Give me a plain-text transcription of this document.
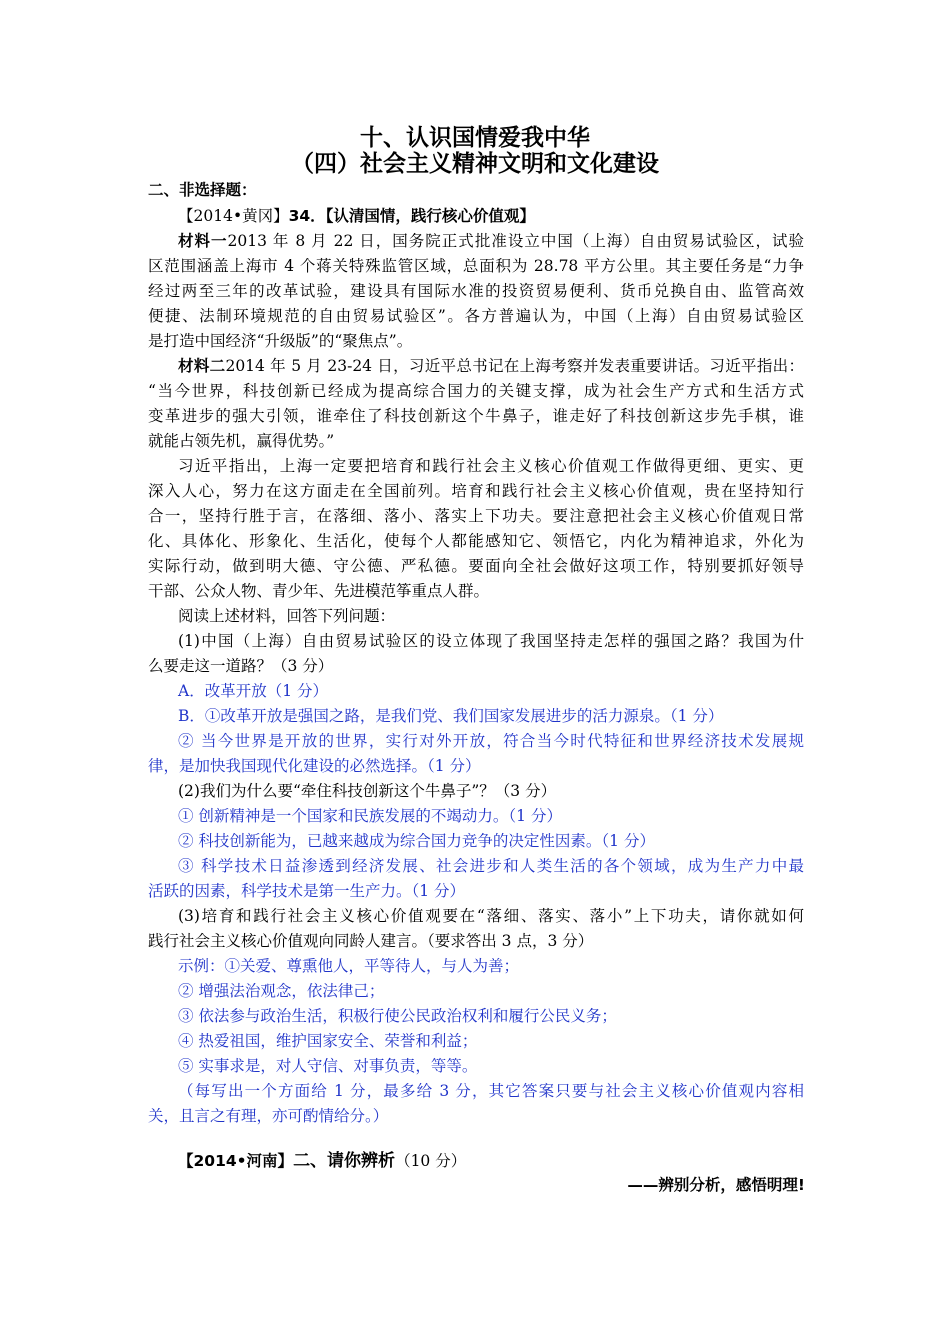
十、认识国情爱我中华
（四）社会主义精神文明和文化建设
二、非选择题：
【2014•黄冈】34．【认清国情，践行核心价值观】
材料一2013 年 8 月 22 日，国务院正式批准设立中国（上海）自由贸易试验区，试验
区范围涵盖上海市 4 个蒋关特殊监管区域，总面积为 28.78 平方公里。其主要任务是“力争
经过两至三年的改革试验，建设具有国际水准的投资贸易便利、货币兑换自由、监管高效
便捷、法制环境规范的自由贸易试验区”。各方普遍认为，中国（上海）自由贸易试验区
是打造中国经济“升级版”的“聚焦点”。
材料二2014 年 5 月 23-24 日，习近平总书记在上海考察并发表重要讲话。习近平指出：
“当今世界，科技创新已经成为提高综合国力的关键支撑，成为社会生产方式和生活方式
变革进步的强大引领，谁牵住了科技创新这个牛鼻子，谁走好了科技创新这步先手棋，谁
就能占领先机，赢得优势。”
习近平指出，上海一定要把培育和践行社会主义核心价值观工作做得更细、更实、更
深入人心，努力在这方面走在全国前列。培育和践行社会主义核心价值观，贵在坚持知行
合一，坚持行胜于言，在落细、落小、落实上下功夫。要注意把社会主义核心价值观日常
化、具体化、形象化、生活化，使每个人都能感知它、领悟它，内化为精神追求，外化为
实际行动，做到明大德、守公德、严私德。要面向全社会做好这项工作，特别要抓好领导
干部、公众人物、青少年、先进模范筝重点人群。
阅读上述材料，回答下列问题：
(1)中国（上海）自由贸易试验区的设立体现了我国坚持走怎样的强国之路？我国为什
么要走这一道路？（3 分）
A．改革开放（1 分）
B．①改革开放是强国之路，是我们党、我们国家发展进步的活力源泉。（1 分）
② 当今世界是开放的世界，实行对外开放，符合当今时代特征和世界经济技术发展规
律，是加快我国现代化建设的必然选择。（1 分）
(2)我们为什么要“牵住科技创新这个牛鼻子”？（3 分）
① 创新精神是一个国家和民族发展的不竭动力。（1 分）
② 科技创新能为，已越来越成为综合国力竞争的决定性因素。（1 分）
③ 科学技术日益渗透到经济发展、社会进步和人类生活的各个领域，成为生产力中最
活跃的因素，科学技术是第一生产力。（1 分）
(3)培育和践行社会主义核心价值观要在“落细、落实、落小”上下功夫，请你就如何
践行社会主义核心价值观向同龄人建言。（要求答出 3 点，3 分）
示例：①关爱、尊熏他人，平等待人，与人为善；
② 增强法治观念，依法律己；
③ 依法参与政治生活，积极行使公民政治权利和履行公民义务；
④ 热爱祖国，维护国家安全、荣誉和利益；
⑤ 实事求是，对人守信、对事负责，等等。
（每写出一个方面给 1 分，最多给 3 分，其它答案只要与社会主义核心价值观内容相
关，且言之有理，亦可酌情给分。）
【2014•河南】二、请你辨析（10 分）
——辨别分析，感悟明理!
